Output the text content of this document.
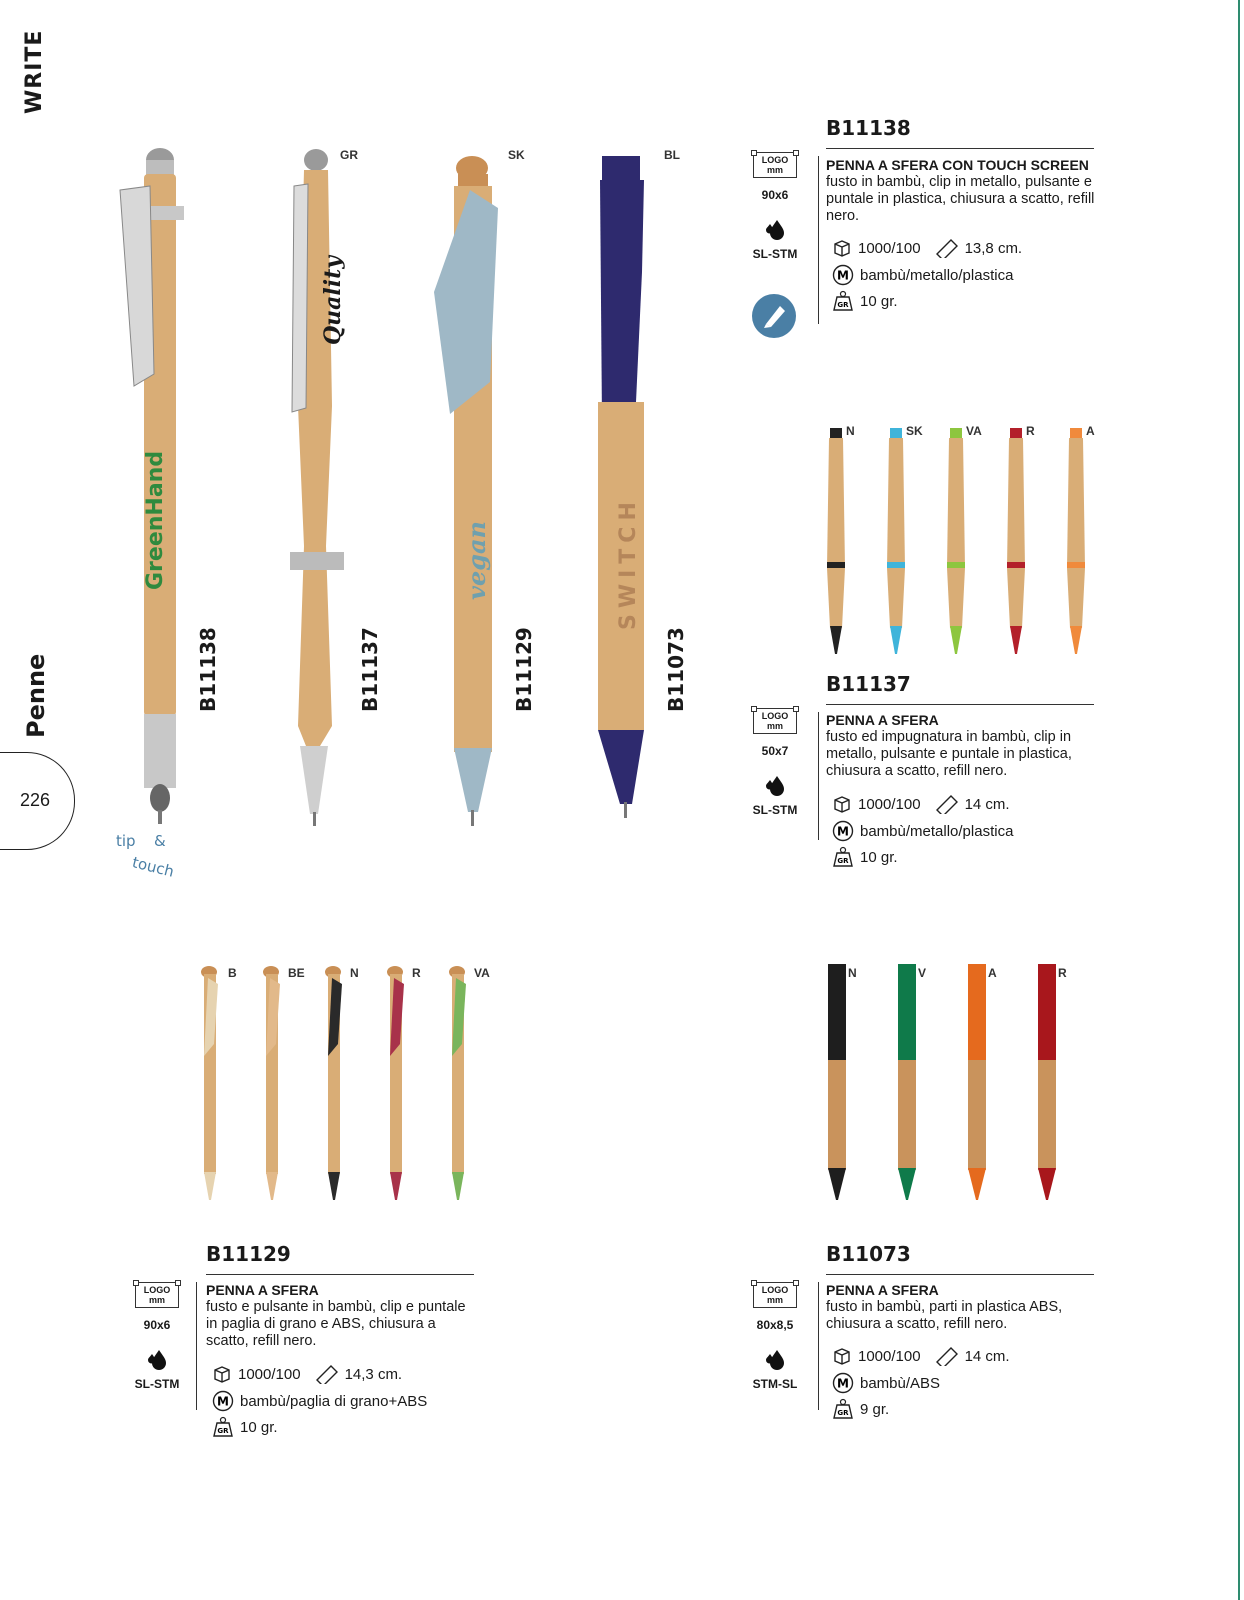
WRITE
Penne
226
tip &
touch
GreenHand
B11138
Quality
GR
B11137
vegan
SK
B11129
SWITCH
BL
B11073
B11138
LOGO
mm
90x6
SL-STM
PENNA A SFERA CON TOUCH SCREEN
fusto in bambù, clip in metallo, pulsante e puntale in plastica, chiusura a scatto, refill nero.
1000/100	13,8 cm.
M bambù/metallo/plastica
GR 10 gr.
N	SK	VA	R	A
B11137
LOGO
mm
50x7
SL-STM
PENNA A SFERA
fusto ed impugnatura in bambù, clip in metallo, pulsante e puntale in plastica, chiusura a scatto, refill nero.
1000/100	14 cm.
M bambù/metallo/plastica
GR 10 gr.
B	BE	N	R	VA
B11129
LOGO
mm
90x6
SL-STM
PENNA A SFERA
fusto e pulsante in bambù, clip e puntale in paglia di grano e ABS, chiusura a scatto, refill nero.
1000/100	14,3 cm.
M bambù/paglia di grano+ABS
GR 10 gr.
N	V	A	R
B11073
LOGO
mm
80x8,5
STM-SL
PENNA A SFERA
fusto in bambù, parti in plastica ABS, chiusura a scatto, refill nero.
1000/100	14 cm.
M bambù/ABS
GR 9 gr.
